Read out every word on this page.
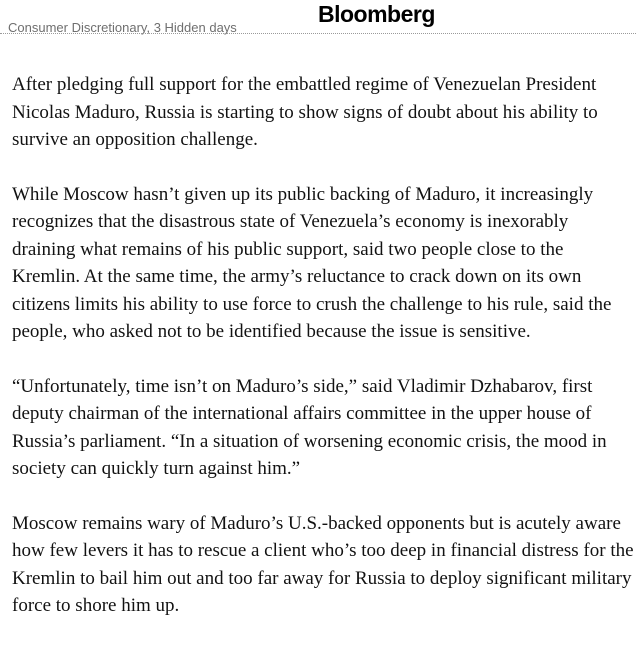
Bloomberg
Consumer Discretionary, 3 Hidden days

After pledging full support for the embattled regime of Venezuelan President Nicolas Maduro, Russia is starting to show signs of doubt about his ability to survive an opposition challenge.

While Moscow hasn’t given up its public backing of Maduro, it increasingly recognizes that the disastrous state of Venezuela’s economy is inexorably draining what remains of his public support, said two people close to the Kremlin. At the same time, the army’s reluctance to crack down on its own citizens limits his ability to use force to crush the challenge to his rule, said the people, who asked not to be identified because the issue is sensitive.

“Unfortunately, time isn’t on Maduro’s side,” said Vladimir Dzhabarov, first deputy chairman of the international affairs committee in the upper house of Russia’s parliament. “In a situation of worsening economic crisis, the mood in society can quickly turn against him.”

Moscow remains wary of Maduro’s U.S.-backed opponents but is acutely aware how few levers it has to rescue a client who’s too deep in financial distress for the Kremlin to bail him out and too far away for Russia to deploy significant military force to shore him up.
